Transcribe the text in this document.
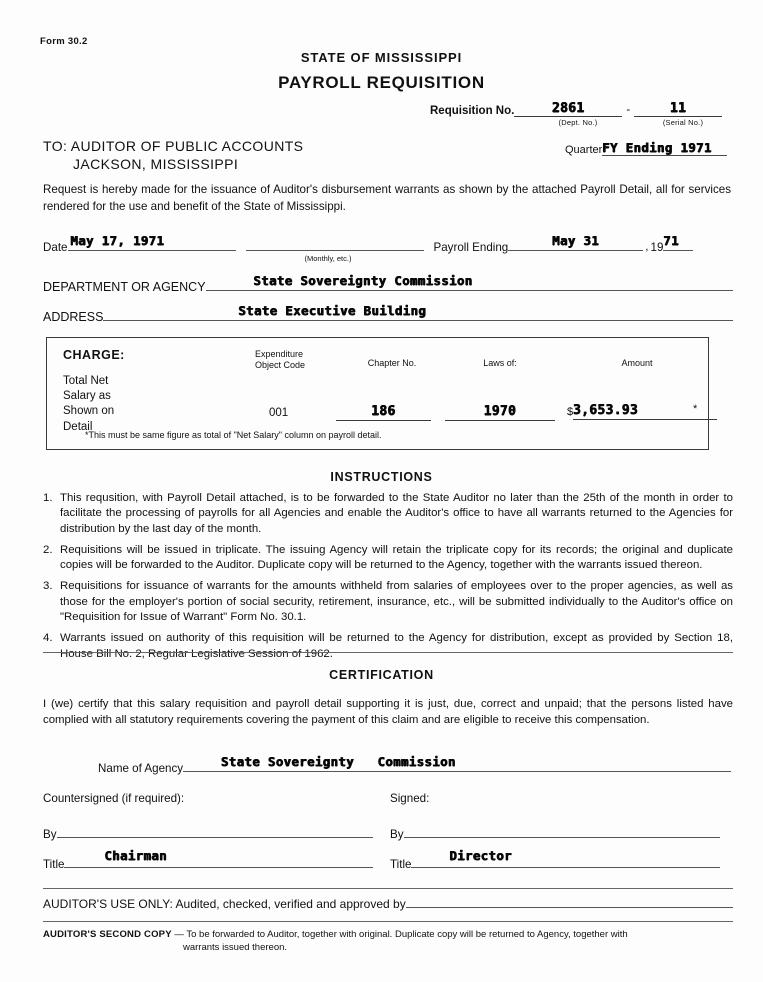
Form 30.2
STATE OF MISSISSIPPI
PAYROLL REQUISITION
Requisition No.	2861	-	11
(Dept. No.)	(Serial No.)
Quarter FY Ending 1971
TO: AUDITOR OF PUBLIC ACCOUNTS
JACKSON, MISSISSIPPI
Request is hereby made for the issuance of Auditor's disbursement warrants as shown by the attached Payroll Detail, all for services rendered for the use and benefit of the State of Mississippi.
Date May 17, 1971	Payroll Ending	May 31	, 19 71
(Monthly, etc.)
DEPARTMENT OR AGENCY	State Sovereignty Commission
ADDRESS	State Executive Building
CHARGE:
Total Net
Salary as
Shown on
Detail
Expenditure
Object Code	Chapter No.	Laws of:	Amount
001	186	1970	$ 3,653.93	*
*This must be same figure as total of "Net Salary" column on payroll detail.
INSTRUCTIONS
1. This requsition, with Payroll Detail attached, is to be forwarded to the State Auditor no later than the 25th of the month in order to facilitate the processing of payrolls for all Agencies and enable the Auditor's office to have all warrants returned to the Agencies for distribution by the last day of the month.
2. Requisitions will be issued in triplicate. The issuing Agency will retain the triplicate copy for its records; the original and duplicate copies will be forwarded to the Auditor. Duplicate copy will be returned to the Agency, together with the warrants issued thereon.
3. Requisitions for issuance of warrants for the amounts withheld from salaries of employees over to the proper agencies, as well as those for the employer's portion of social security, retirement, insurance, etc., will be submitted individually to the Auditor's office on "Requisition for Issue of Warrant" Form No. 30.1.
4. Warrants issued on authority of this requisition will be returned to the Agency for distribution, except as provided by Section 18, House Bill No. 2, Regular Legislative Session of 1962.
CERTIFICATION
I (we) certify that this salary requisition and payroll detail supporting it is just, due, correct and unpaid; that the persons listed have complied with all statutory requirements covering the payment of this claim and are eligible to receive this compensation.
Name of Agency	State Sovereignty   Commission
Countersigned (if required):	Signed:
By	By
Title
Chairman
Title
Director
AUDITOR'S USE ONLY: Audited, checked, verified and approved by
AUDITOR'S SECOND COPY — To be forwarded to Auditor, together with original. Duplicate copy will be returned to Agency, together with
warrants issued thereon.
